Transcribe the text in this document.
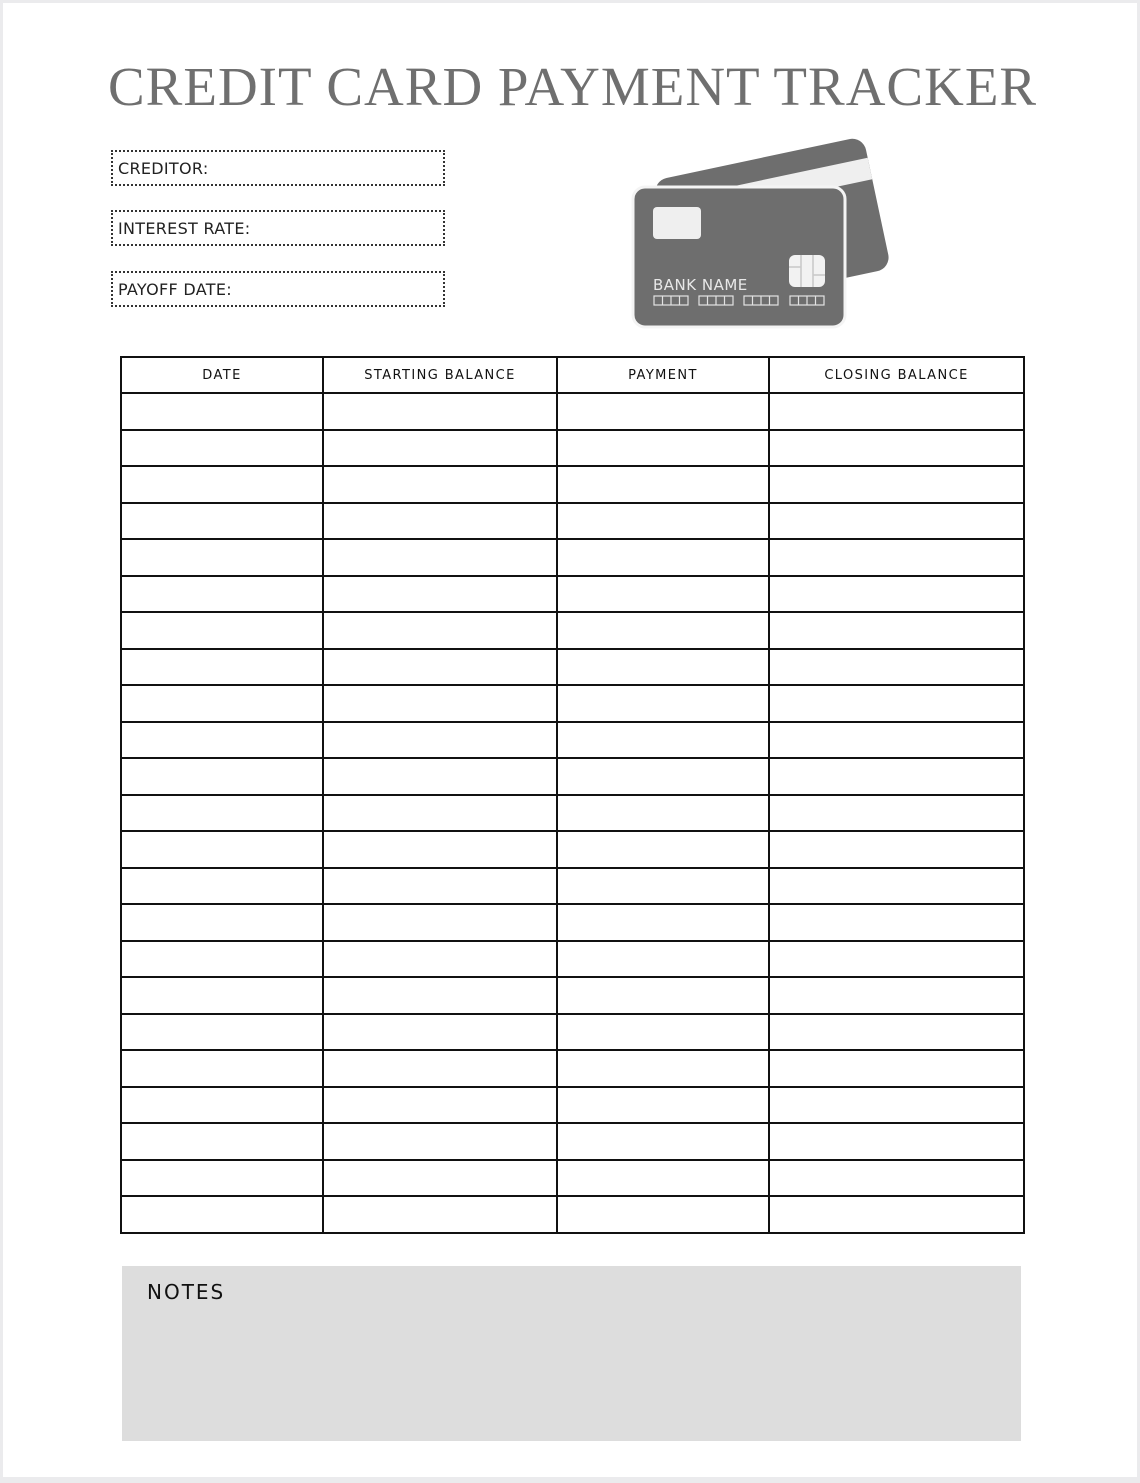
CREDIT CARD PAYMENT TRACKER
CREDITOR:
INTEREST RATE:
PAYOFF DATE:	BANK NAME
DATE	STARTING BALANCE	PAYMENT	CLOSING BALANCE

NOTES
